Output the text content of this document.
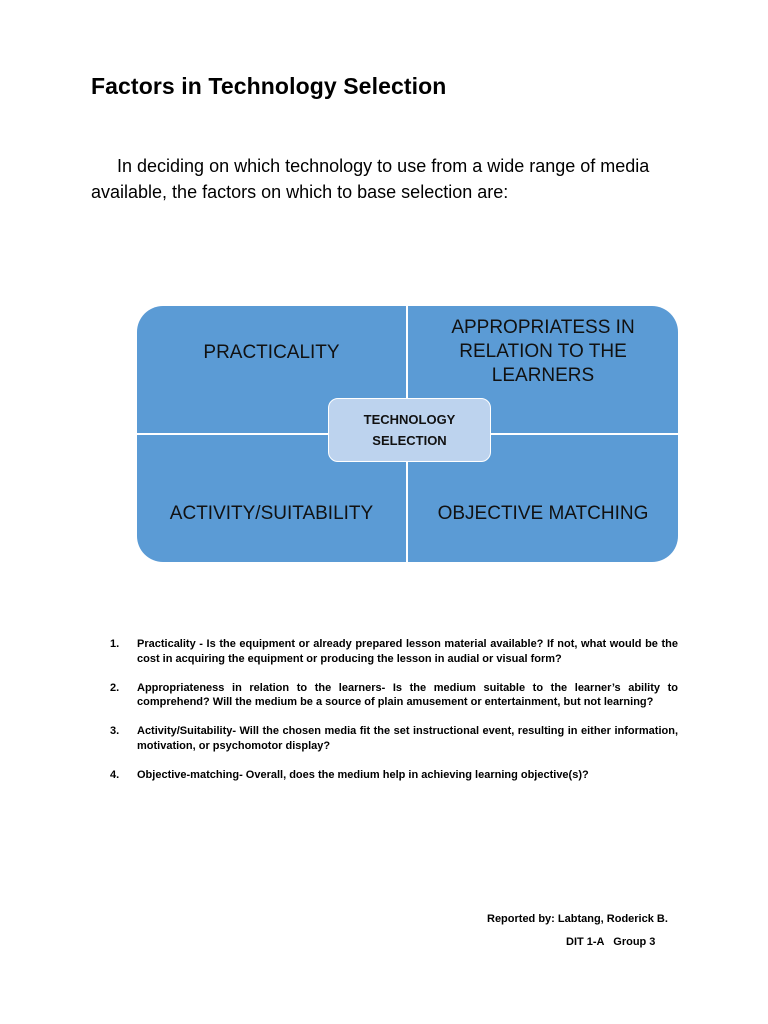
Factors in Technology Selection
In deciding on which technology to use from a wide range of media available, the factors on which to base selection are:
PRACTICALITY
APPROPRIATESS IN RELATION TO THE LEARNERS
ACTIVITY/SUITABILITY	OBJECTIVE MATCHING
TECHNOLOGY
SELECTION
1. Practicality - Is the equipment or already prepared lesson material available? If not, what would be the cost in acquiring the equipment or producing the lesson in audial or visual form?
2. Appropriateness in relation to the learners- Is the medium suitable to the learner’s ability to comprehend? Will the medium be a source of plain amusement or entertainment, but not learning?
3. Activity/Suitability- Will the chosen media fit the set instructional event, resulting in either information, motivation, or psychomotor display?
4. Objective-matching- Overall, does the medium help in achieving learning objective(s)?
Reported by: Labtang, Roderick B.
DIT 1-A   Group 3
